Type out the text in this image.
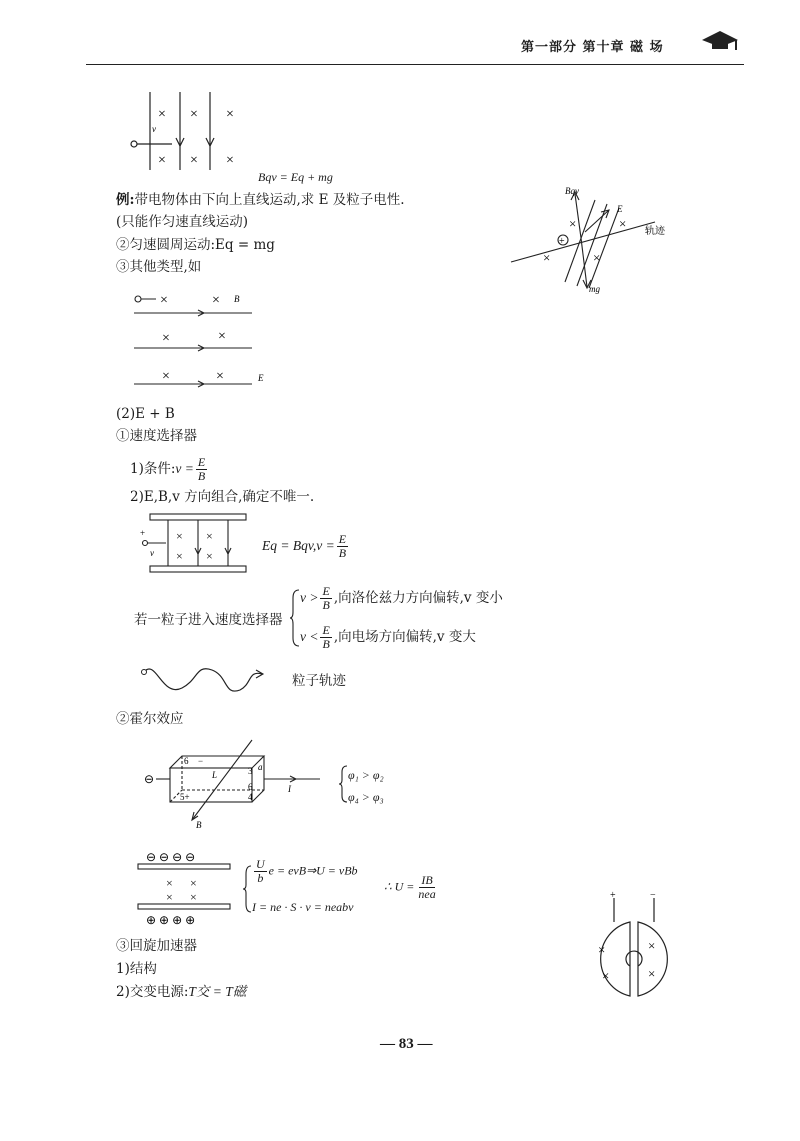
第一部分 第十章 磁 场
v
× × ×
× × ×
Bqv = Eq + mg
例:带电物体由下向上直线运动,求 E 及粒子电性.
(只能作匀速直线运动)
②匀速圆周运动:Eq = mg
③其他类型,如
+
Bqv
E
轨迹
mg
×	×
×	×
×	× B
×	×
×	×	E
(2)E + B
①速度选择器
1)条件:v = $\frac{E}{B}$
2)E,B,v 方向组合,确定不唯一.
+
v
× ×
× ×
$Eq = Bqv,v = \frac{E}{B}$
若一粒子进入速度选择器
$v > \frac{E}{B}$ ,向洛伦兹力方向偏转,v 变小
$v < \frac{E}{B}$ ,向电场方向偏转,v 变大
粒子轨迹
②霍尔效应
⊖
6 −
L	3 a
6
4
5+
I
B
φ₁ > φ₂
φ₄ > φ₃
⊖ ⊖ ⊖ ⊖
× ×
× ×
⊕ ⊕ ⊕ ⊕
$\frac{U}{b}$ e = evB⇒U = vBb
I = ne · S · v = neabv
∴ $U = \frac{IB}{\text{nea}}$
③回旋加速器
1)结构
2)交变电源:T交 = T磁
+	−
×	×
×	×
— 83 —
